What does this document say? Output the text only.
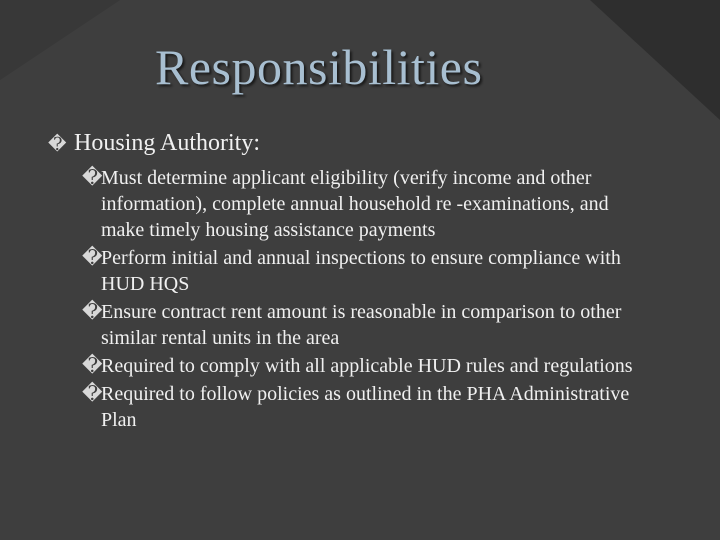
Responsibilities
� Housing Authority:
�Must determine applicant eligibility (verify income and other information), complete annual household re -examinations, and make timely housing assistance payments
�Perform initial and annual inspections to ensure compliance with HUD HQS
�Ensure contract rent amount is reasonable in comparison to other similar rental units in the area
�Required to comply with all applicable HUD rules and regulations
�Required to follow policies as outlined in the PHA Administrative Plan
